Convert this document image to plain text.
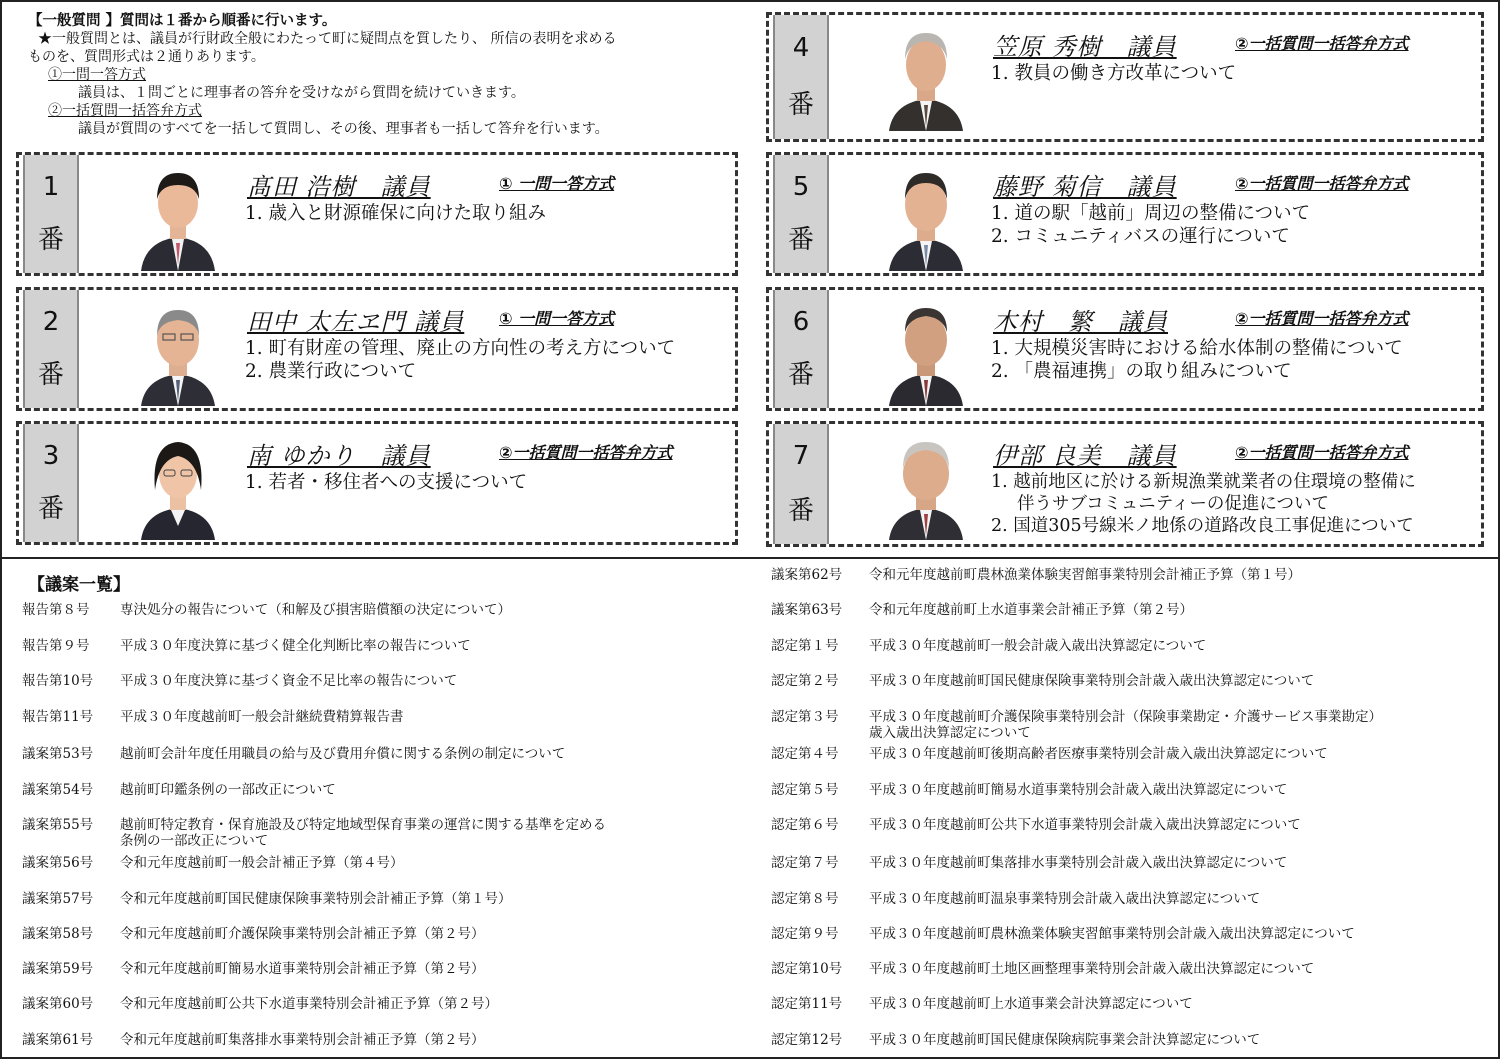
【一般質問 】質問は１番から順番に行います。
★一般質問とは、議員が行財政全般にわたって町に疑問点を質したり、 所信の表明を求める
ものを、質問形式は２通りあります。
①一問一答方式
議員は、１問ごとに理事者の答弁を受けながら質問を続けていきます。
②一括質問一括答弁方式
議員が質問のすべてを一括して質問し、その後、理事者も一括して答弁を行います。
1
番
髙田 浩樹　議員	① 一問一答方式
1. 歳入と財源確保に向けた取り組み
2
番
田中 太左ヱ門 議員 ① 一問一答方式
1. 町有財産の管理、廃止の方向性の考え方について
2. 農業行政について
3
番
南 ゆかり　議員	②一括質問一括答弁方式
1. 若者・移住者への支援について
4
番
笠原 秀樹　議員	②一括質問一括答弁方式
1. 教員の働き方改革について
5
番
藤野 菊信　議員	②一括質問一括答弁方式
1. 道の駅「越前」周辺の整備について
2. コミュニティバスの運行について
6
番
木村　繁　議員	②一括質問一括答弁方式
1. 大規模災害時における給水体制の整備について
2. 「農福連携」の取り組みについて
7
番
伊部 良美　議員	②一括質問一括答弁方式
1. 越前地区に於ける新規漁業就業者の住環境の整備に
伴うサブコミュニティーの促進について
2. 国道305号線米ノ地係の道路改良工事促進について
【議案一覧】
報告第８号 専決処分の報告について（和解及び損害賠償額の決定について）
報告第９号 平成３０年度決算に基づく健全化判断比率の報告について
報告第10号 平成３０年度決算に基づく資金不足比率の報告について
報告第11号 平成３０年度越前町一般会計継続費精算報告書
議案第53号 越前町会計年度任用職員の給与及び費用弁償に関する条例の制定について
議案第54号 越前町印鑑条例の一部改正について
議案第55号 越前町特定教育・保育施設及び特定地域型保育事業の運営に関する基準を定める
条例の一部改正について
議案第56号 令和元年度越前町一般会計補正予算（第４号）
議案第57号 令和元年度越前町国民健康保険事業特別会計補正予算（第１号）
議案第58号 令和元年度越前町介護保険事業特別会計補正予算（第２号）
議案第59号 令和元年度越前町簡易水道事業特別会計補正予算（第２号）
議案第60号 令和元年度越前町公共下水道事業特別会計補正予算（第２号）
議案第61号 令和元年度越前町集落排水事業特別会計補正予算（第２号）
議案第62号 令和元年度越前町農林漁業体験実習館事業特別会計補正予算（第１号）
議案第63号 令和元年度越前町上水道事業会計補正予算（第２号）
認定第１号 平成３０年度越前町一般会計歳入歳出決算認定について
認定第２号 平成３０年度越前町国民健康保険事業特別会計歳入歳出決算認定について
認定第３号 平成３０年度越前町介護保険事業特別会計（保険事業勘定・介護サービス事業勘定）
歳入歳出決算認定について
認定第４号 平成３０年度越前町後期高齢者医療事業特別会計歳入歳出決算認定について
認定第５号 平成３０年度越前町簡易水道事業特別会計歳入歳出決算認定について
認定第６号 平成３０年度越前町公共下水道事業特別会計歳入歳出決算認定について
認定第７号 平成３０年度越前町集落排水事業特別会計歳入歳出決算認定について
認定第８号 平成３０年度越前町温泉事業特別会計歳入歳出決算認定について
認定第９号 平成３０年度越前町農林漁業体験実習館事業特別会計歳入歳出決算認定について
認定第10号 平成３０年度越前町土地区画整理事業特別会計歳入歳出決算認定について
認定第11号 平成３０年度越前町上水道事業会計決算認定について
認定第12号 平成３０年度越前町国民健康保険病院事業会計決算認定について
